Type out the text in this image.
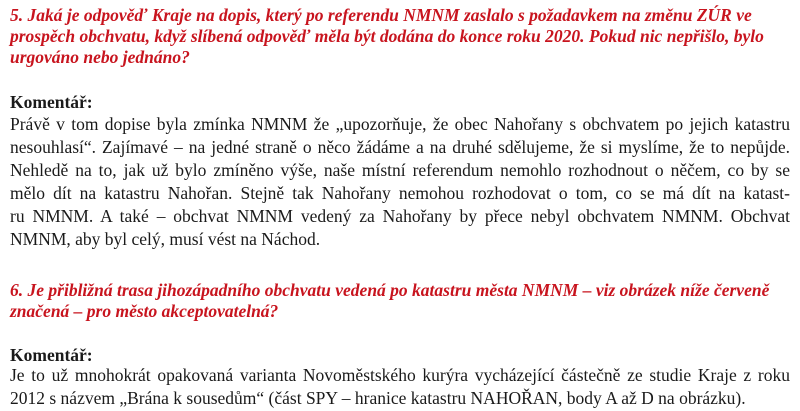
5. Jaká je odpověď Kraje na dopis, který po referendu NMNM zaslalo s požadavkem na změnu ZÚR ve prospěch obchvatu, když slíbená odpověď měla být dodána do konce roku 2020. Pokud nic nepřišlo, bylo urgováno nebo jednáno?

Komentář:

Právě v tom dopise byla zmínka NMNM že „upozorňuje, že obec Nahořany s obchvatem po jejich katastru

nesouhlasí“. Zajímavé – na jedné straně o něco žádáme a na druhé sdělujeme, že si myslíme, že to nepůjde.

Nehledě na to, jak už bylo zmíněno výše, naše místní referendum nemohlo rozhodnout o něčem, co by se

mělo dít na katastru Nahořan. Stejně tak Nahořany nemohou rozhodovat o tom, co se má dít na katast-

ru NMNM. A také – obchvat NMNM vedený za Nahořany by přece nebyl obchvatem NMNM. Obchvat

NMNM, aby byl celý, musí vést na Náchod.

6. Je přibližná trasa jihozápadního obchvatu vedená po katastru města NMNM – viz obrázek níže červeně značená – pro město akceptovatelná?

Komentář:

Je to už mnohokrát opakovaná varianta Novoměstského kurýra vycházející částečně ze studie Kraje z roku

2012 s názvem „Brána k sousedům“ (část SPY – hranice katastru NAHOŘAN, body A až D na obrázku).
